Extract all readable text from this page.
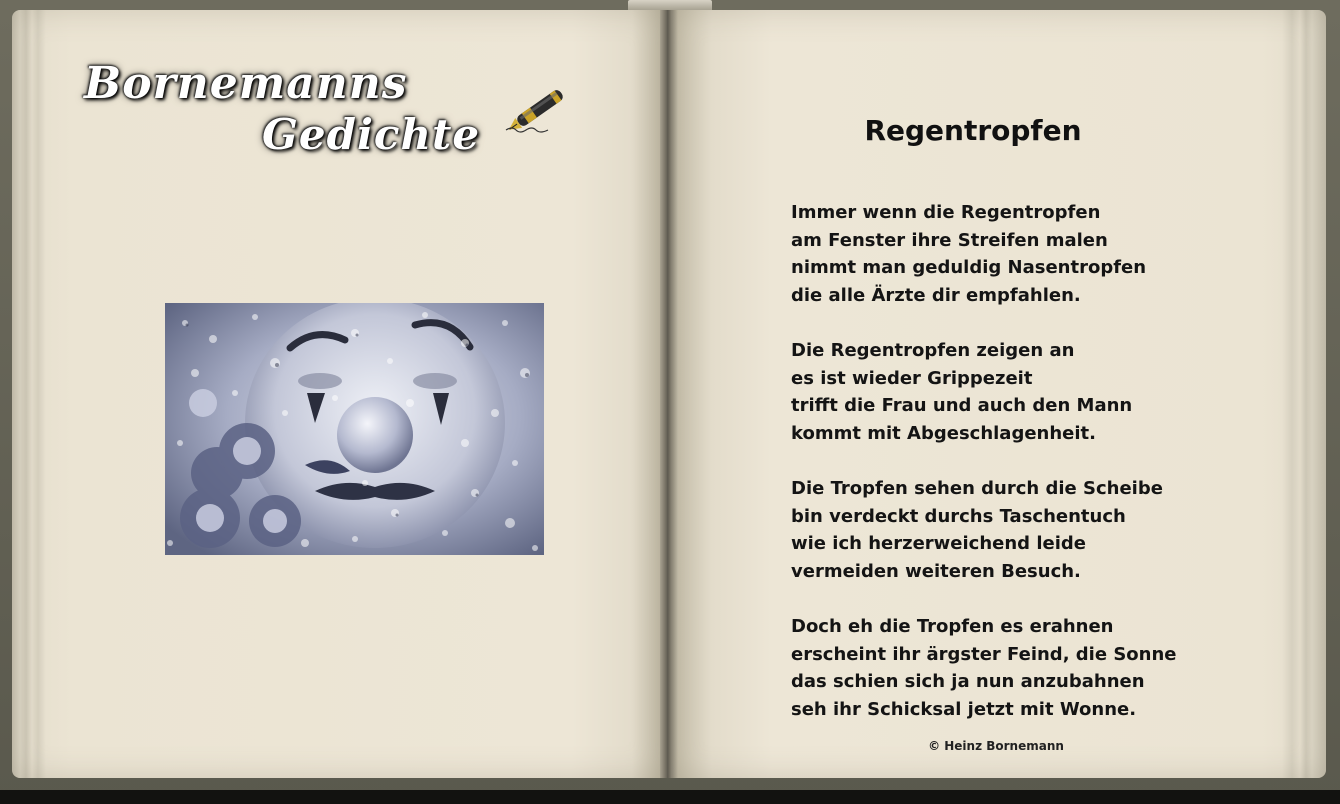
Bornemanns
Gedichte	Regentropfen
Immer wenn die Regentropfen
am Fenster ihre Streifen malen
nimmt man geduldig Nasentropfen
die alle Ärzte dir empfahlen.
Die Regentropfen zeigen an
es ist wieder Grippezeit
trifft die Frau und auch den Mann
kommt mit Abgeschlagenheit.
Die Tropfen sehen durch die Scheibe
bin verdeckt durchs Taschentuch
wie ich herzerweichend leide
vermeiden weiteren Besuch.
Doch eh die Tropfen es erahnen
erscheint ihr ärgster Feind, die Sonne
das schien sich ja nun anzubahnen
seh ihr Schicksal jetzt mit Wonne.
© Heinz Bornemann
